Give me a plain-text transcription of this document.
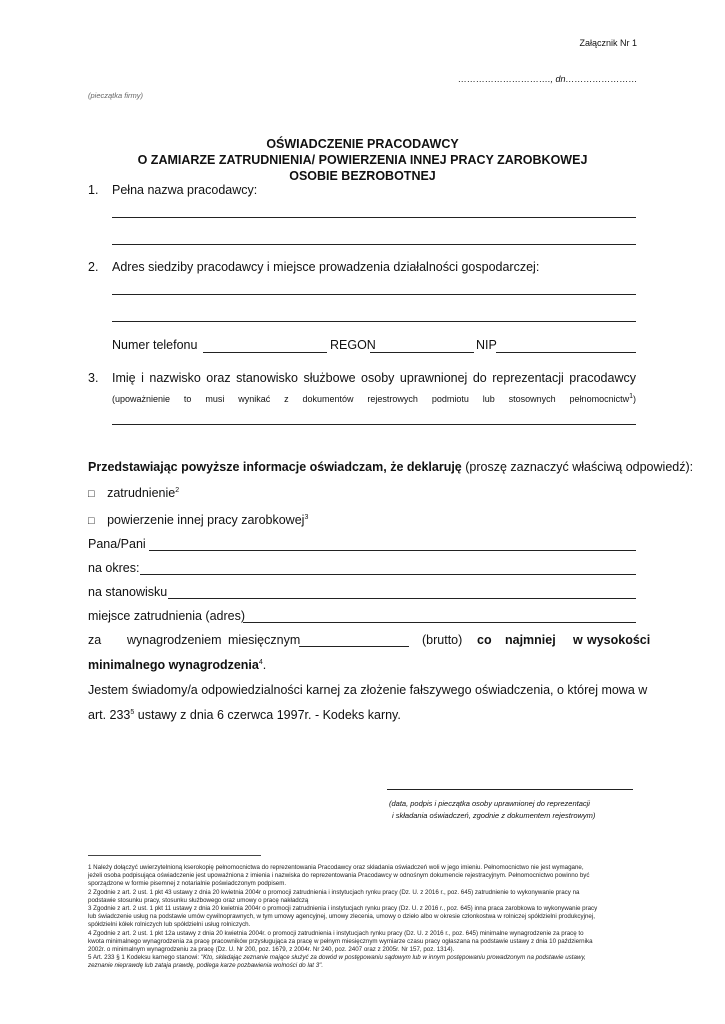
Załącznik Nr 1
…………………………., dn……………………
(pieczątka firmy)
OŚWIADCZENIE PRACODAWCY
O ZAMIARZE ZATRUDNIENIA/ POWIERZENIA INNEJ PRACY ZAROBKOWEJ
OSOBIE BEZROBOTNEJ
1. Pełna nazwa pracodawcy:
2. Adres siedziby pracodawcy i miejsce prowadzenia działalności gospodarczej:
Numer telefonu	REGON	NIP
3. Imię i nazwisko oraz stanowisko służbowe osoby uprawnionej do reprezentacji pracodawcy
(upoważnienie to musi wynikać z dokumentów rejestrowych podmiotu lub stosownych pełnomocnictw$^1$)
Przedstawiając powyższe informacje oświadczam, że deklaruję (proszę zaznaczyć właściwą odpowiedź):
□ zatrudnienie$^2$
□ powierzenie innej pracy zarobkowej$^3$
Pana/Pani
na okres:
na stanowisku
miejsce zatrudnienia (adres)
za wynagrodzeniem miesięcznym	(brutto) co najmniej w wysokości
minimalnego wynagrodzenia$^4$.
Jestem świadomy/a odpowiedzialności karnej za złożenie fałszywego oświadczenia, o której mowa w
art. $233^5$ ustawy z dnia 6 czerwca 1997r. - Kodeks karny.
(data, podpis i pieczątka osoby uprawnionej do reprezentacji
i składania oświadczeń, zgodnie z dokumentem rejestrowym)
1 Należy dołączyć uwierzytelnioną kserokopię pełnomocnictwa do reprezentowania Pracodawcy oraz składania oświadczeń woli w jego imieniu. Pełnomocnictwo nie jest wymagane,
jeżeli osoba podpisująca oświadczenie jest upoważniona z imienia i nazwiska do reprezentowania Pracodawcy w odnośnym dokumencie rejestracyjnym. Pełnomocnictwo powinno być
sporządzone w formie pisemnej z notarialnie poświadczonym podpisem.
2 Zgodnie z art. 2 ust. 1 pkt 43 ustawy z dnia 20 kwietnia 2004r o promocji zatrudnienia i instytucjach rynku pracy (Dz. U. z 2016 r., poz. 645) zatrudnienie to wykonywanie pracy na
podstawie stosunku pracy, stosunku służbowego oraz umowy o pracę nakładczą
3 Zgodnie z art. 2 ust. 1 pkt 11 ustawy z dnia 20 kwietnia 2004r o promocji zatrudnienia i instytucjach rynku pracy (Dz. U. z 2016 r., poz. 645) inna praca zarobkowa to wykonywanie pracy
lub świadczenie usług na podstawie umów cywilnoprawnych, w tym umowy agencyjnej, umowy zlecenia, umowy o dzieło albo w okresie członkostwa w rolniczej spółdzielni produkcyjnej,
spółdzielni kółek rolniczych lub spółdzielni usług rolniczych.
4 Zgodnie z art. 2 ust. 1 pkt 12a ustawy z dnia 20 kwietnia 2004r. o promocji zatrudnienia i instytucjach rynku pracy (Dz. U. z 2016 r., poz. 645) minimalne wynagrodzenie za pracę to
kwota minimalnego wynagrodzenia za pracę pracowników przysługująca za pracę w pełnym miesięcznym wymiarze czasu pracy ogłaszana na podstawie ustawy z dnia 10 października
2002r. o minimalnym wynagrodzeniu za pracę (Dz. U. Nr 200, poz. 1679, z 2004r. Nr 240, poz. 2407 oraz z 2005r. Nr 157, poz. 1314).
5 Art. 233 § 1 Kodeksu karnego stanowi: "Kto, składając zeznanie mające służyć za dowód w postępowaniu sądowym lub w innym postępowaniu prowadzonym na podstawie ustawy,
zeznanie nieprawdę lub zataja prawdę, podlega karze pozbawienia wolności do lat 3".
